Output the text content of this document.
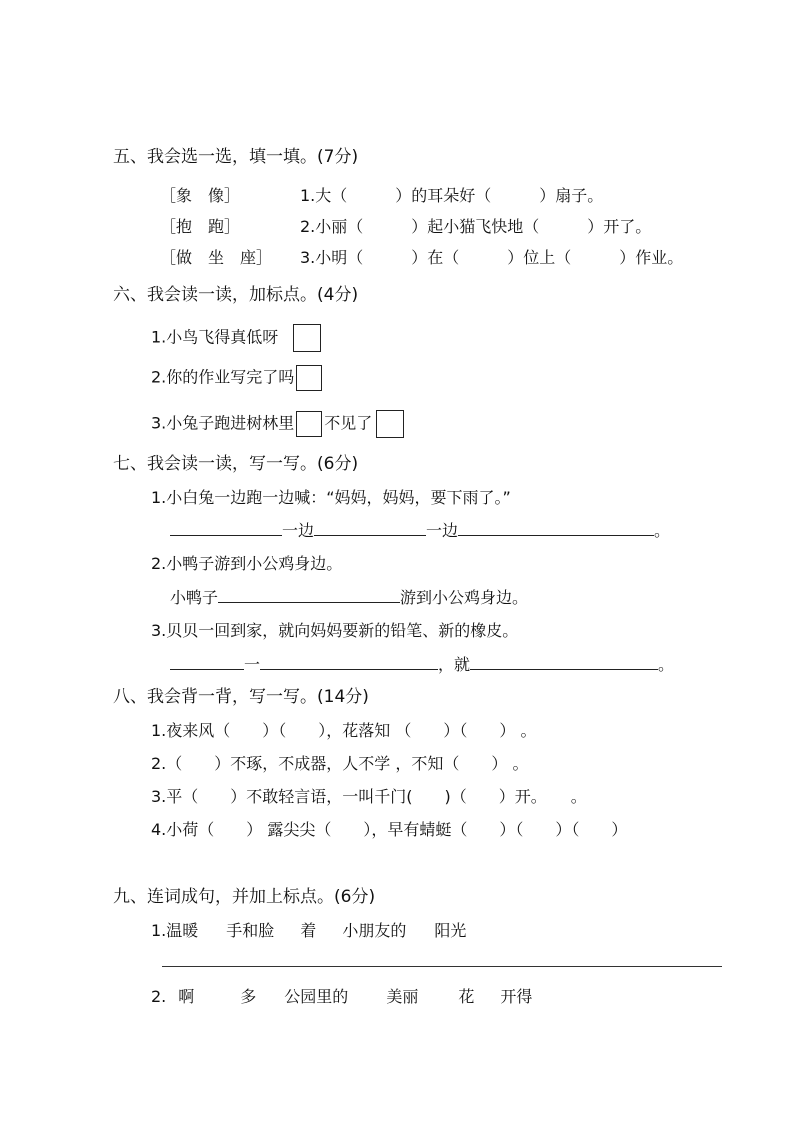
五、我会选一选，填一填。(7分)
［象　像］	1.大（　　　）的耳朵好（　　　）扇子。
［抱　跑］	2.小丽（　　　）起小猫飞快地（　　　）开了。
［做　坐　座］ 3.小明（　　　）在（　　　）位上（　　　）作业。
六、我会读一读，加标点。(4分)
1.小鸟飞得真低呀
2.你的作业写完了吗
3.小兔子跑进树林里 不见了
七、我会读一读，写一写。(6分)
1.小白兔一边跑一边喊：“妈妈，妈妈，要下雨了。”
一边	一边	。
2.小鸭子游到小公鸡身边。
小鸭子	游到小公鸡身边。
3.贝贝一回到家，就向妈妈要新的铅笔、新的橡皮。
一	，就	。
八、我会背一背，写一写。(14分)
1.夜来风（　　）（　　），花落知 （　　）（　　） 。
2.（　　）不琢，不成器，人不学 ，不知（　　） 。
3.平（　　）不敢轻言语，一叫千门(　　)（　　）开。　　。
4.小荷（　　） 露尖尖（　　），早有蜻蜓（　　）（　　）（　　）
九、连词成句，并加上标点。(6分)
1.温暖 手和脸 着 小朋友的 阳光
2. 啊	多 公园里的 美丽	花 开得
